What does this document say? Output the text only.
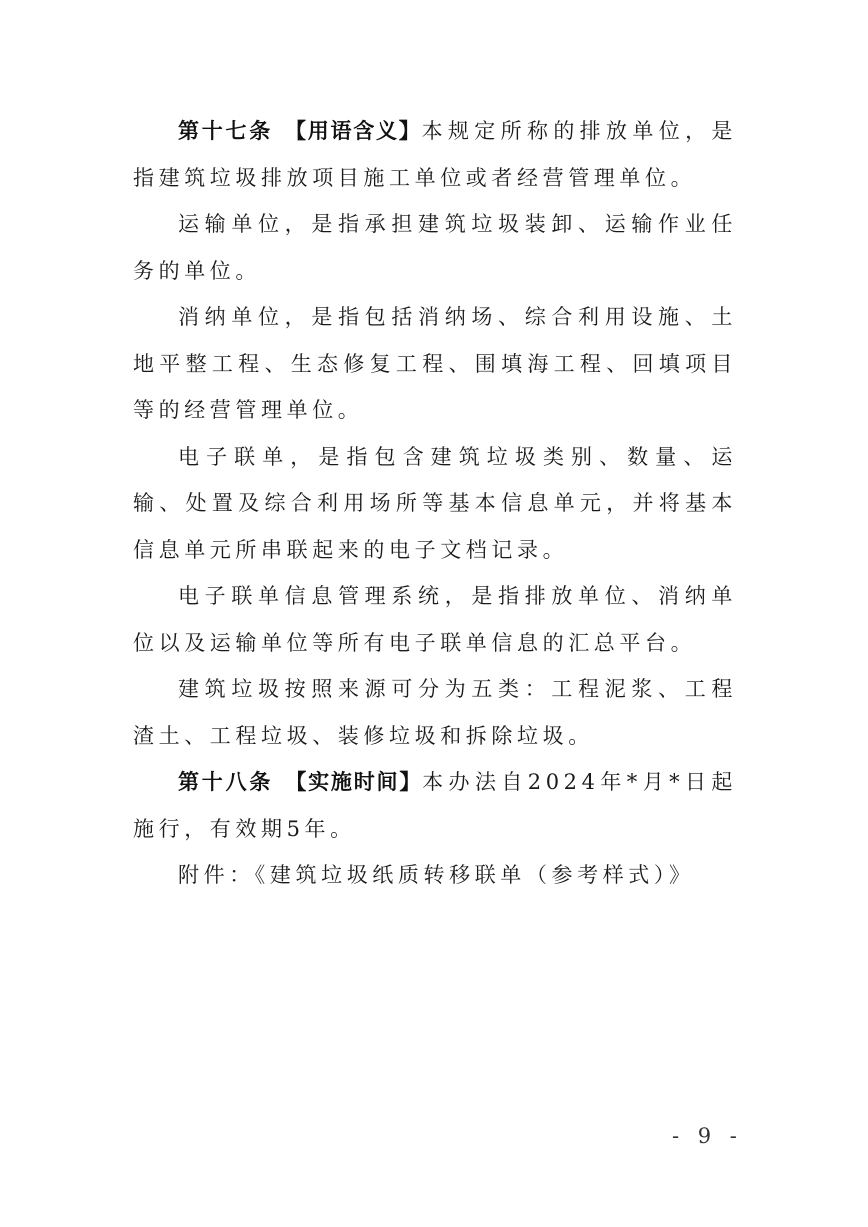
第十七条 【用语含义】本规定所称的排放单位，是指建筑垃圾排放项目施工单位或者经营管理单位。

运输单位，是指承担建筑垃圾装卸、运输作业任务的单位。

消纳单位，是指包括消纳场、综合利用设施、土地平整工程、生态修复工程、围填海工程、回填项目等的经营管理单位。

电子联单，是指包含建筑垃圾类别、数量、运输、处置及综合利用场所等基本信息单元，并将基本信息单元所串联起来的电子文档记录。

电子联单信息管理系统，是指排放单位、消纳单位以及运输单位等所有电子联单信息的汇总平台。

建筑垃圾按照来源可分为五类：工程泥浆、工程渣土、工程垃圾、装修垃圾和拆除垃圾。

第十八条 【实施时间】本办法自2024年*月*日起施行，有效期5年。

附件：《建筑垃圾纸质转移联单（参考样式）》

- 9 -
